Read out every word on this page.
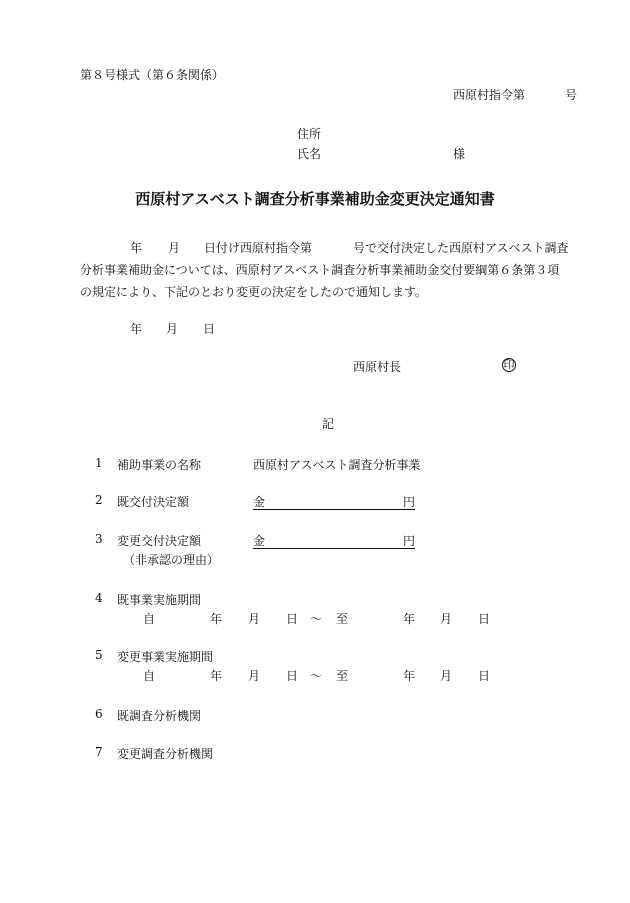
第８号様式（第６条関係）
西原村指令第	号
住所
氏名	様
西原村アスベスト調査分析事業補助金変更決定通知書
年 月 日付け西原村指令第	号で交付決定した西原村アスベスト調査
分析事業補助金については、西原村アスベスト調査分析事業補助金交付要綱第６条第３項
の規定により、下記のとおり変更の決定をしたので通知します。
年 月 日
西原村長	印
記
1 補助事業の名称	西原村アスベスト調査分析事業
2 既交付決定額	金	円
3 変更交付決定額	金	円
（非承認の理由）
4 既事業実施期間
自	年 月 日 ～ 至	年 月 日
5 変更事業実施期間
自	年 月 日 ～ 至	年 月 日
6 既調査分析機関
7 変更調査分析機関
